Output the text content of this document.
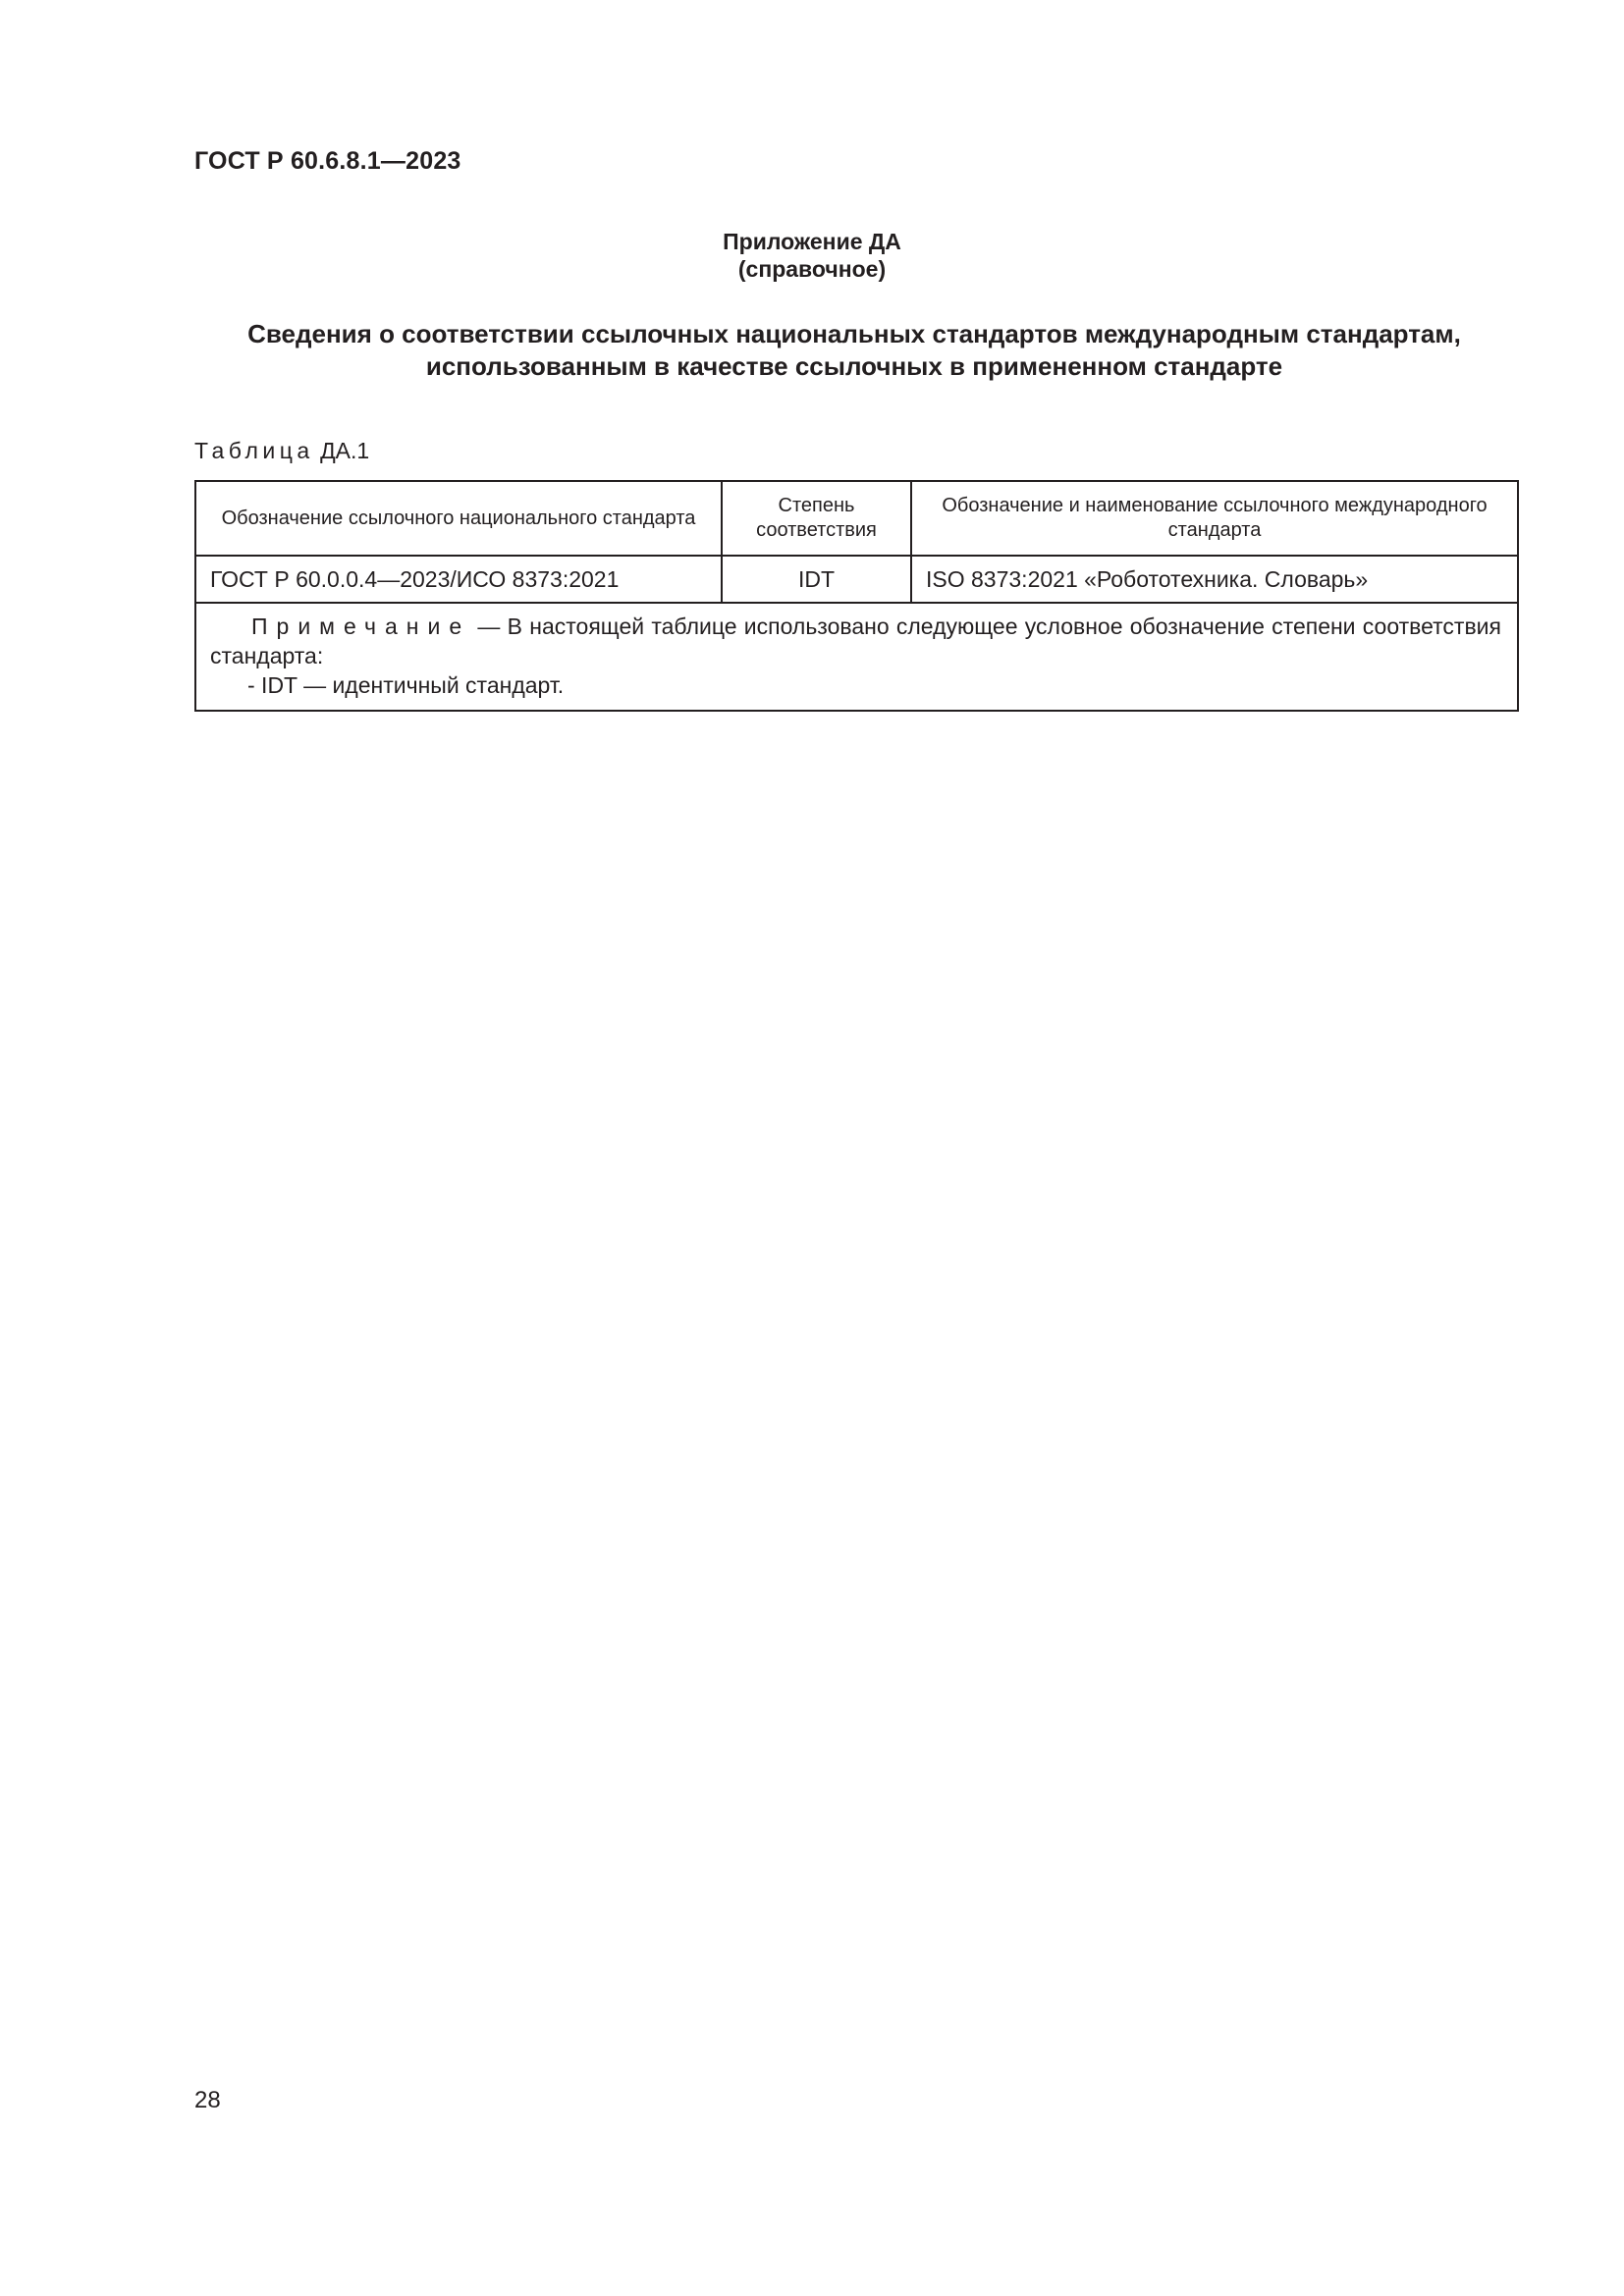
ГОСТ Р 60.6.8.1—2023
Приложение ДА
(справочное)
Сведения о соответствии ссылочных национальных стандартов международным стандартам,
использованным в качестве ссылочных в примененном стандарте
Таблица ДА.1
Обозначение ссылочного национального стандарта	Степень соответствия	Обозначение и наименование ссылочного международного стандарта
ГОСТ Р 60.0.0.4—2023/ИСО 8373:2021	IDT	ISO 8373:2021 «Робототехника. Словарь»
Примечание — В настоящей таблице использовано следующее условное обозначение степени соответствия стандарта:
- IDT — идентичный стандарт.		
28
